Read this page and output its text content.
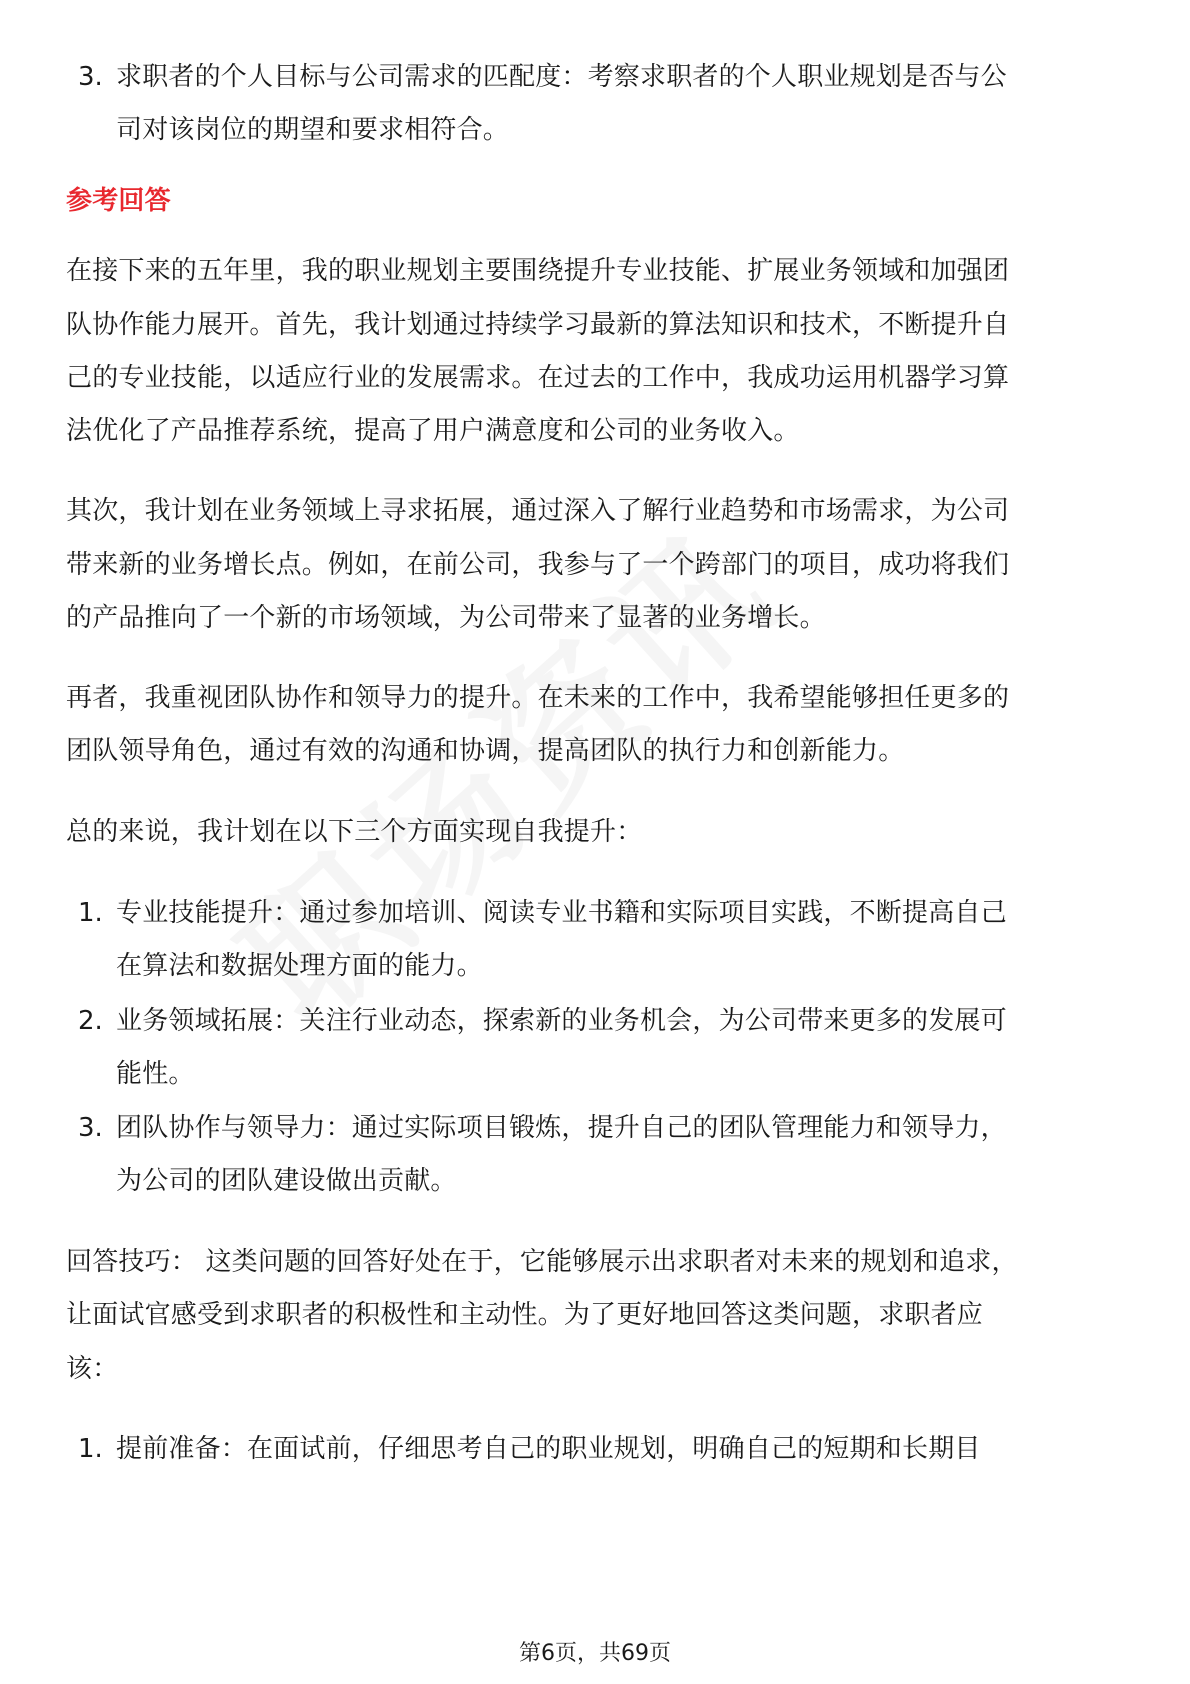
3. 求职者的个人目标与公司需求的匹配度：考察求职者的个人职业规划是否与公
司对该岗位的期望和要求相符合。
参考回答
在接下来的五年里，我的职业规划主要围绕提升专业技能、扩展业务领域和加强团
队协作能力展开。首先，我计划通过持续学习最新的算法知识和技术，不断提升自
己的专业技能，以适应行业的发展需求。在过去的工作中，我成功运用机器学习算
法优化了产品推荐系统，提高了用户满意度和公司的业务收入。
其次，我计划在业务领域上寻求拓展，通过深入了解行业趋势和市场需求，为公司
带来新的业务增长点。例如，在前公司，我参与了一个跨部门的项目，成功将我们
的产品推向了一个新的市场领域，为公司带来了显著的业务增长。
再者，我重视团队协作和领导力的提升。在未来的工作中，我希望能够担任更多的
团队领导角色，通过有效的沟通和协调，提高团队的执行力和创新能力。
总的来说，我计划在以下三个方面实现自我提升：
1. 专业技能提升：通过参加培训、阅读专业书籍和实际项目实践，不断提高自己
在算法和数据处理方面的能力。
2. 业务领域拓展：关注行业动态，探索新的业务机会，为公司带来更多的发展可
能性。
3. 团队协作与领导力：通过实际项目锻炼，提升自己的团队管理能力和领导力，
为公司的团队建设做出贡献。
回答技巧： 这类问题的回答好处在于，它能够展示出求职者对未来的规划和追求，
让面试官感受到求职者的积极性和主动性。为了更好地回答这类问题，求职者应
该：
1. 提前准备：在面试前，仔细思考自己的职业规划，明确自己的短期和长期目
第6页，共69页
